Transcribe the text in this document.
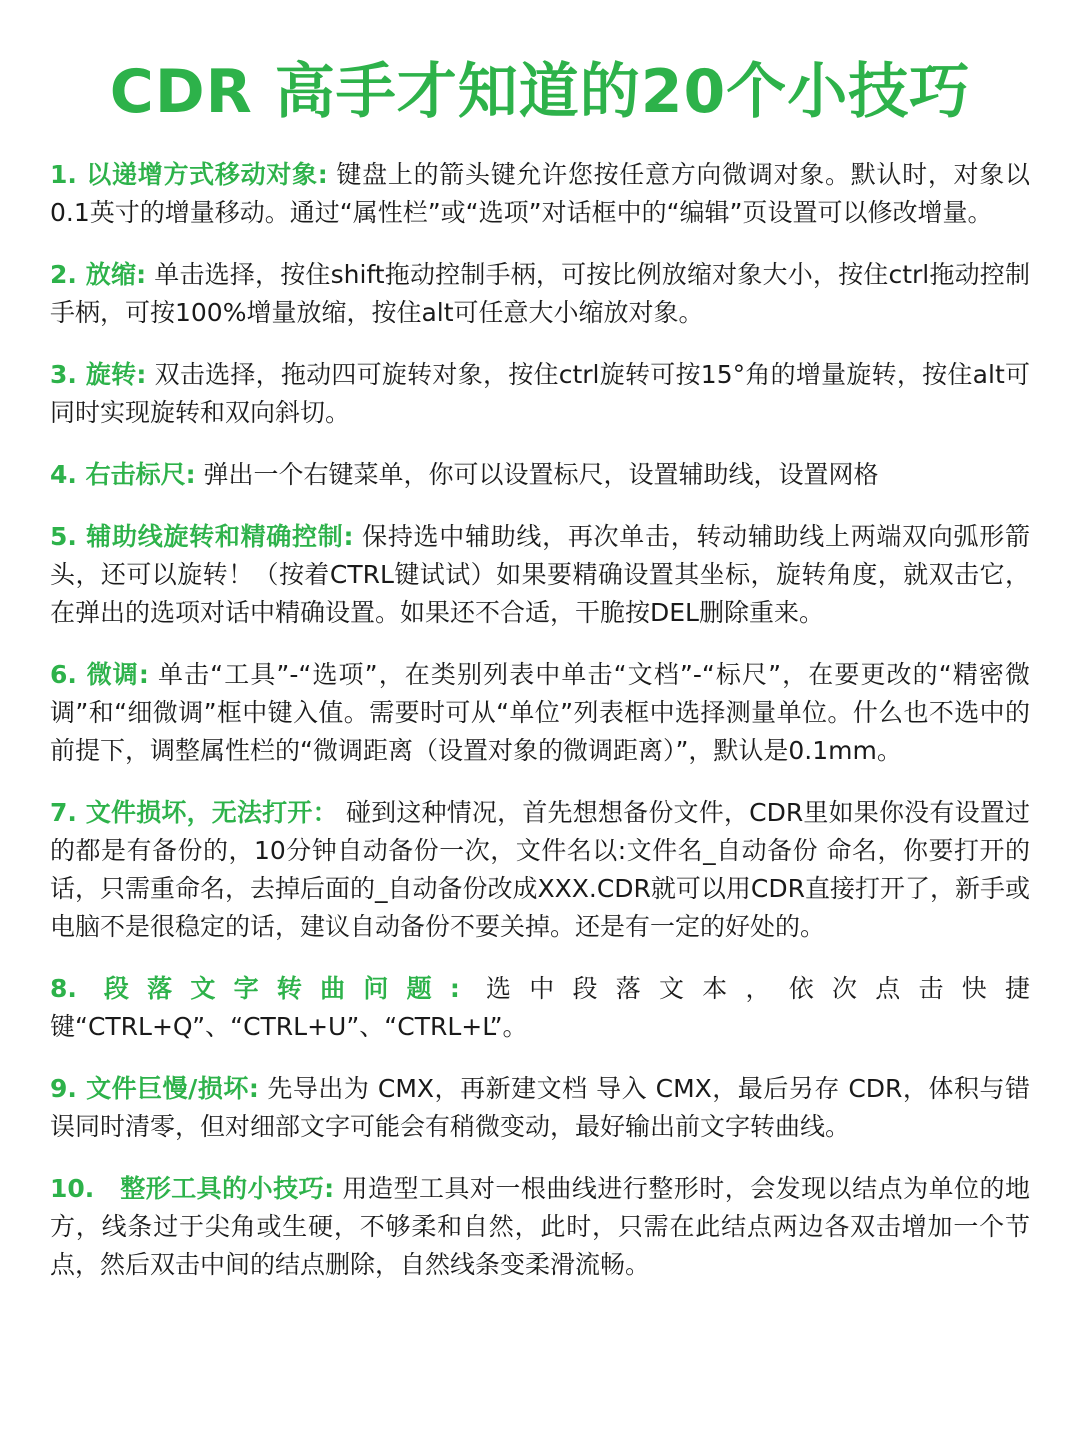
CDR 高手才知道的20个小技巧
1. 以递增方式移动对象: 键盘上的箭头键允许您按任意方向微调对象。默认时，对象以0.1英寸的增量移动。通过“属性栏”或“选项”对话框中的“编辑”页设置可以修改增量。
2. 放缩: 单击选择，按住shift拖动控制手柄，可按比例放缩对象大小，按住ctrl拖动控制手柄，可按100%增量放缩，按住alt可任意大小缩放对象。
3. 旋转: 双击选择，拖动四可旋转对象，按住ctrl旋转可按15°角的增量旋转，按住alt可同时实现旋转和双向斜切。
4. 右击标尺: 弹出一个右键菜单，你可以设置标尺，设置辅助线，设置网格
5. 辅助线旋转和精确控制: 保持选中辅助线，再次单击，转动辅助线上两端双向弧形箭头，还可以旋转！（按着CTRL键试试）如果要精确设置其坐标，旋转角度，就双击它，在弹出的选项对话中精确设置。如果还不合适，干脆按DEL删除重来。
6. 微调: 单击“工具”-“选项”，在类别列表中单击“文档”-“标尺”，在要更改的“精密微调”和“细微调”框中键入值。需要时可从“单位”列表框中选择测量单位。什么也不选中的前提下，调整属性栏的“微调距离（设置对象的微调距离）”，默认是0.1mm。
7. 文件损坏，无法打开： 碰到这种情况，首先想想备份文件，CDR里如果你没有设置过的都是有备份的，10分钟自动备份一次，文件名以:文件名_自动备份 命名，你要打开的话，只需重命名，去掉后面的_自动备份改成XXX.CDR就可以用CDR直接打开了，新手或电脑不是很稳定的话，建议自动备份不要关掉。还是有一定的好处的。
8. 段落文字转曲问题: 选中段落文本，依次点击快捷键“CTRL+Q”、“CTRL+U”、“CTRL+L”。
9. 文件巨慢/损坏: 先导出为 CMX，再新建文档 导入 CMX，最后另存 CDR，体积与错误同时清零，但对细部文字可能会有稍微变动，最好输出前文字转曲线。
10.　整形工具的小技巧: 用造型工具对一根曲线进行整形时，会发现以结点为单位的地方，线条过于尖角或生硬，不够柔和自然，此时，只需在此结点两边各双击增加一个节点，然后双击中间的结点删除，自然线条变柔滑流畅。
